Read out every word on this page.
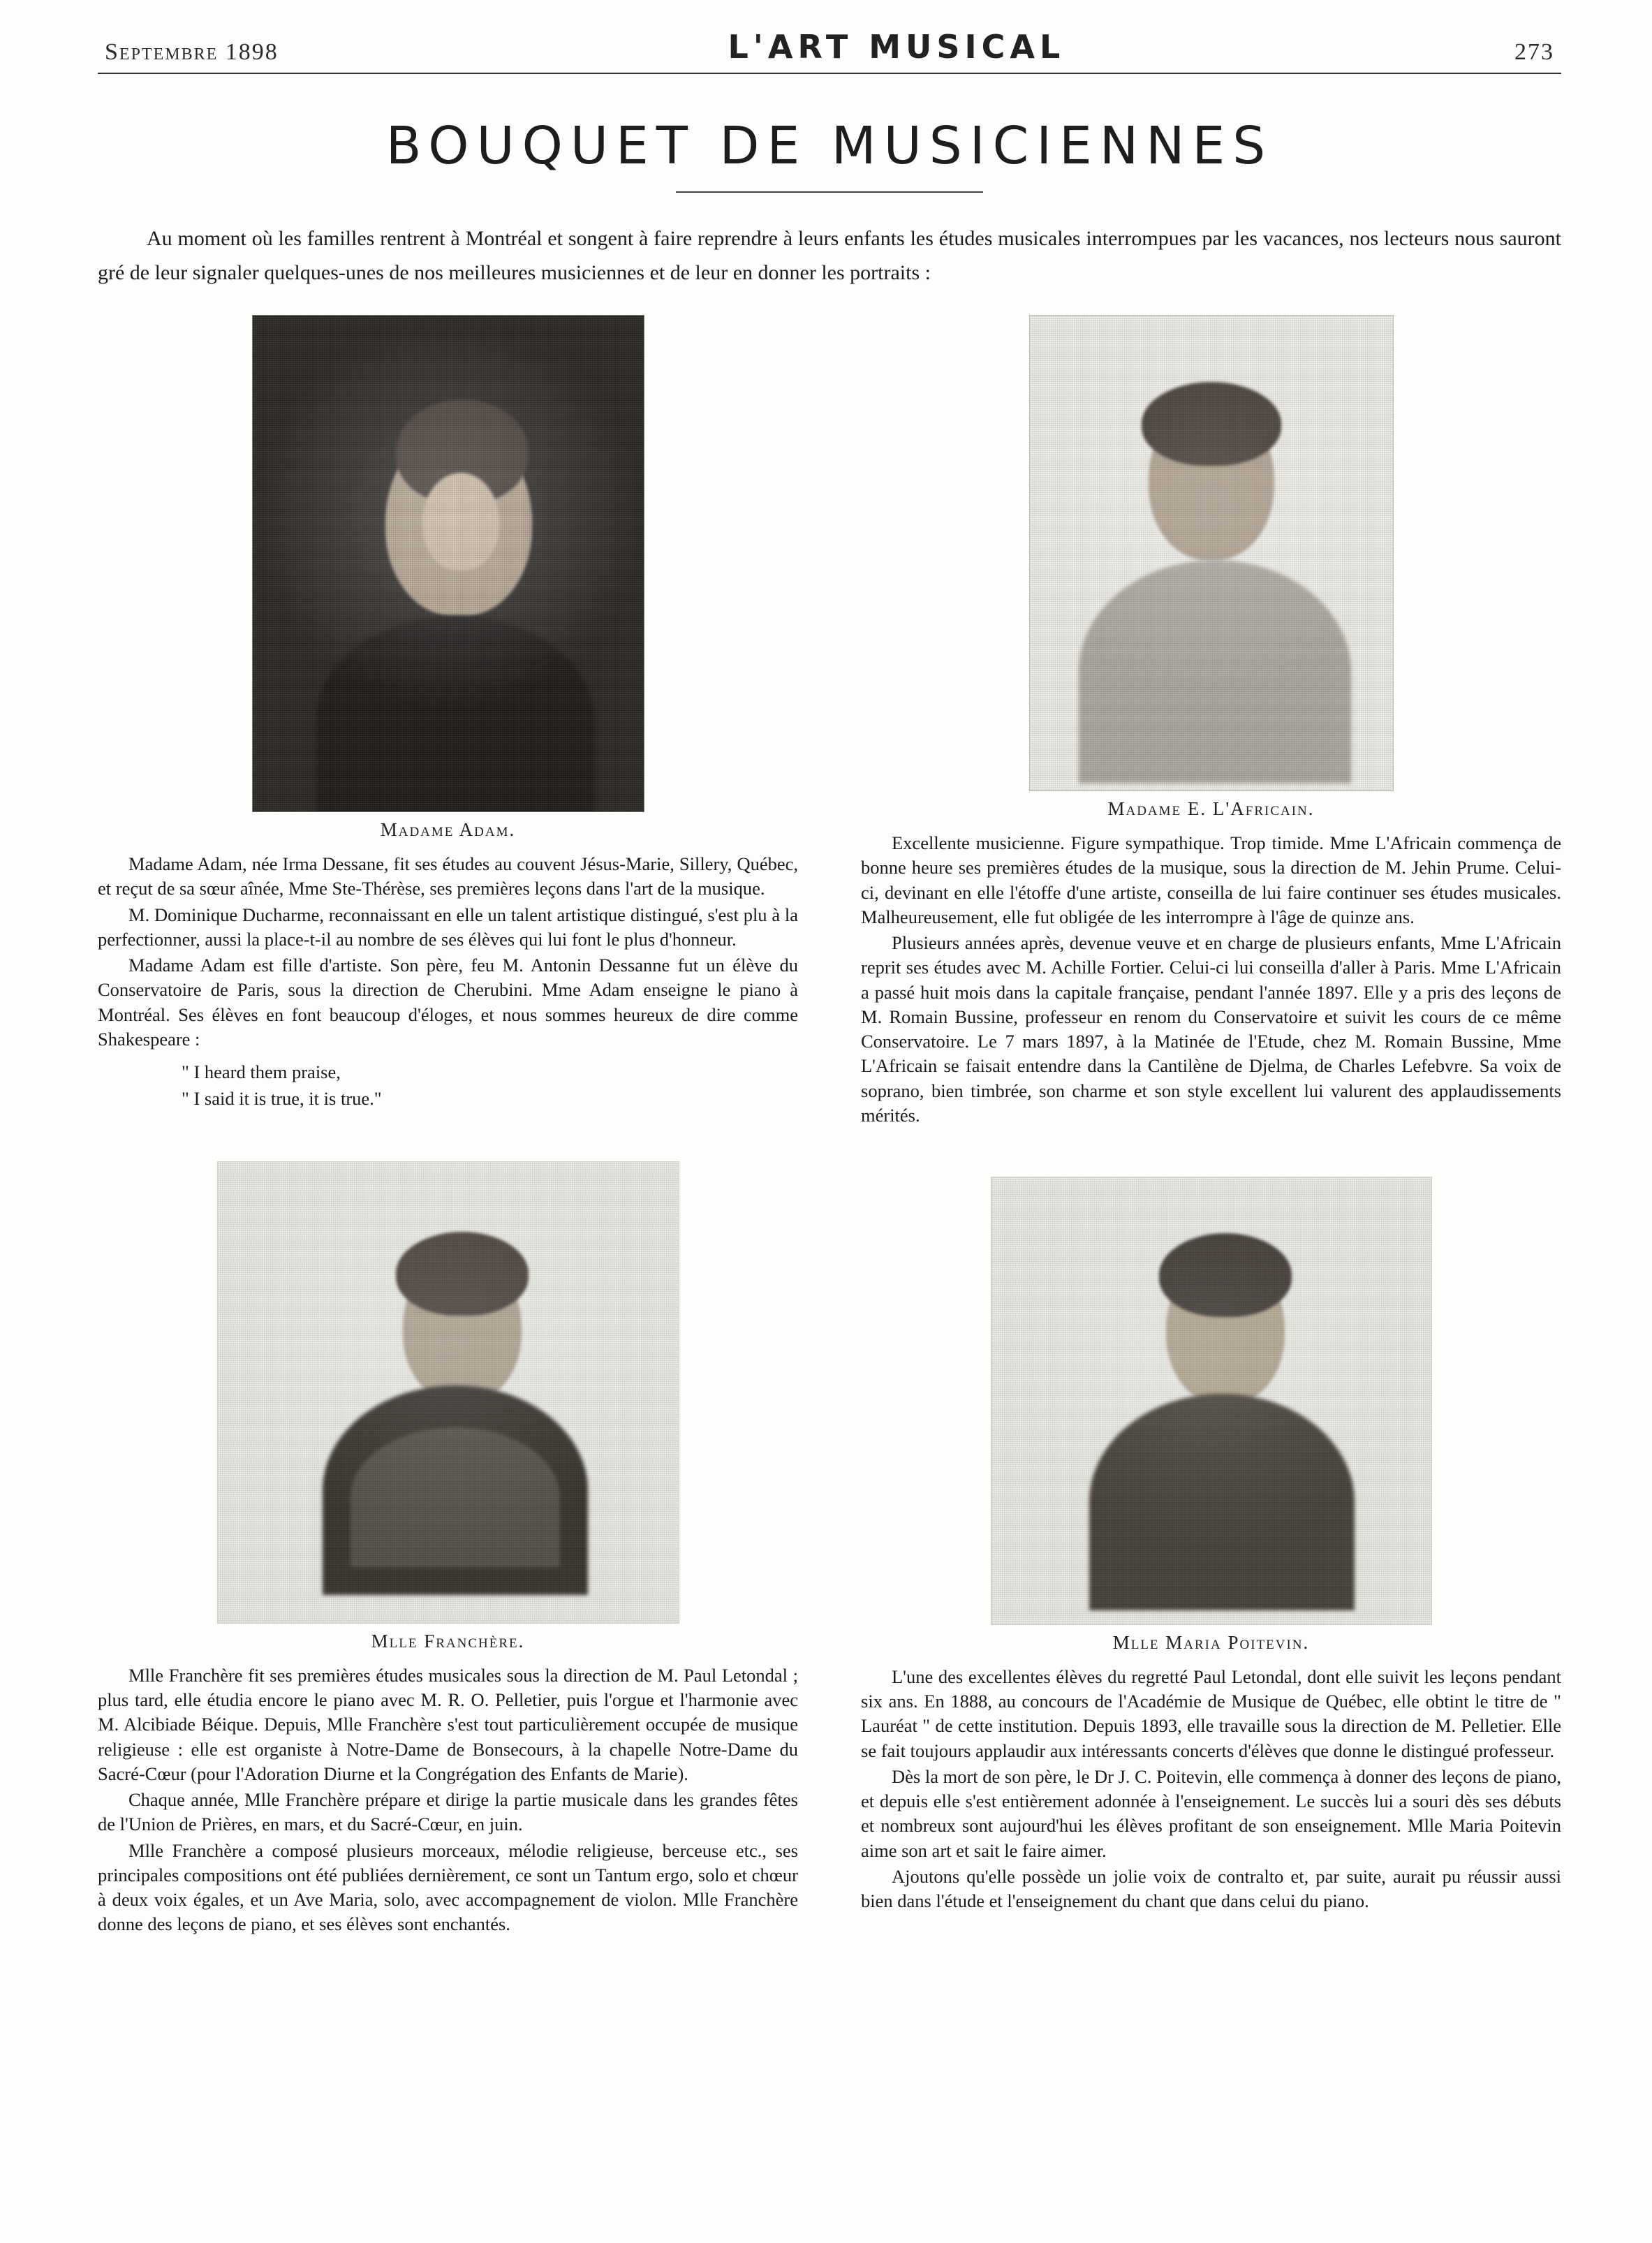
Septembre 1898	L'ART MUSICAL	273
BOUQUET DE MUSICIENNES
Au moment où les familles rentrent à Montréal et songent à faire reprendre à leurs enfants les études musicales interrompues par les vacances, nos lecteurs nous sauront gré de leur signaler quelques-unes de nos meilleures musiciennes et de leur en donner les portraits :
Madame Adam.

Madame Adam, née Irma Dessane, fit ses études au couvent Jésus-Marie, Sillery, Québec, et reçut de sa sœur aînée, Mme Ste-Thérèse, ses premières leçons dans l'art de la musique.

M. Dominique Ducharme, reconnaissant en elle un talent artistique distingué, s'est plu à la perfectionner, aussi la place-t-il au nombre de ses élèves qui lui font le plus d'honneur.

Madame Adam est fille d'artiste. Son père, feu M. Antonin Dessanne fut un élève du Conservatoire de Paris, sous la direction de Cherubini. Mme Adam enseigne le piano à Montréal. Ses élèves en font beaucoup d'éloges, et nous sommes heureux de dire comme Shakespeare :

" I heard them praise,
" I said it is true, it is true."
Mlle Franchère.

Mlle Franchère fit ses premières études musicales sous la direction de M. Paul Letondal ; plus tard, elle étudia encore le piano avec M. R. O. Pelletier, puis l'orgue et l'harmonie avec M. Alcibiade Béique. Depuis, Mlle Franchère s'est tout particulièrement occupée de musique religieuse : elle est organiste à Notre-Dame de Bonsecours, à la chapelle Notre-Dame du Sacré-Cœur (pour l'Adoration Diurne et la Congrégation des Enfants de Marie).

Chaque année, Mlle Franchère prépare et dirige la partie musicale dans les grandes fêtes de l'Union de Prières, en mars, et du Sacré-Cœur, en juin.

Mlle Franchère a composé plusieurs morceaux, mélodie religieuse, berceuse etc., ses principales compositions ont été publiées dernièrement, ce sont un Tantum ergo, solo et chœur à deux voix égales, et un Ave Maria, solo, avec accompagnement de violon. Mlle Franchère donne des leçons de piano, et ses élèves sont enchantés.

Madame E. L'Africain.

Excellente musicienne. Figure sympathique. Trop timide. Mme L'Africain commença de bonne heure ses premières études de la musique, sous la direction de M. Jehin Prume. Celui-ci, devinant en elle l'étoffe d'une artiste, conseilla de lui faire continuer ses études musicales. Malheureusement, elle fut obligée de les interrompre à l'âge de quinze ans.

Plusieurs années après, devenue veuve et en charge de plusieurs enfants, Mme L'Africain reprit ses études avec M. Achille Fortier. Celui-ci lui conseilla d'aller à Paris. Mme L'Africain a passé huit mois dans la capitale française, pendant l'année 1897. Elle y a pris des leçons de M. Romain Bussine, professeur en renom du Conservatoire et suivit les cours de ce même Conservatoire. Le 7 mars 1897, à la Matinée de l'Etude, chez M. Romain Bussine, Mme L'Africain se faisait entendre dans la Cantilène de Djelma, de Charles Lefebvre. Sa voix de soprano, bien timbrée, son charme et son style excellent lui valurent des applaudissements mérités.

Mlle Maria Poitevin.

L'une des excellentes élèves du regretté Paul Letondal, dont elle suivit les leçons pendant six ans. En 1888, au concours de l'Académie de Musique de Québec, elle obtint le titre de " Lauréat " de cette institution. Depuis 1893, elle travaille sous la direction de M. Pelletier. Elle se fait toujours applaudir aux intéressants concerts d'élèves que donne le distingué professeur.

Dès la mort de son père, le Dr J. C. Poitevin, elle commença à donner des leçons de piano, et depuis elle s'est entièrement adonnée à l'enseignement. Le succès lui a souri dès ses débuts et nombreux sont aujourd'hui les élèves profitant de son enseignement. Mlle Maria Poitevin aime son art et sait le faire aimer.

Ajoutons qu'elle possède un jolie voix de contralto et, par suite, aurait pu réussir aussi bien dans l'étude et l'enseignement du chant que dans celui du piano.
